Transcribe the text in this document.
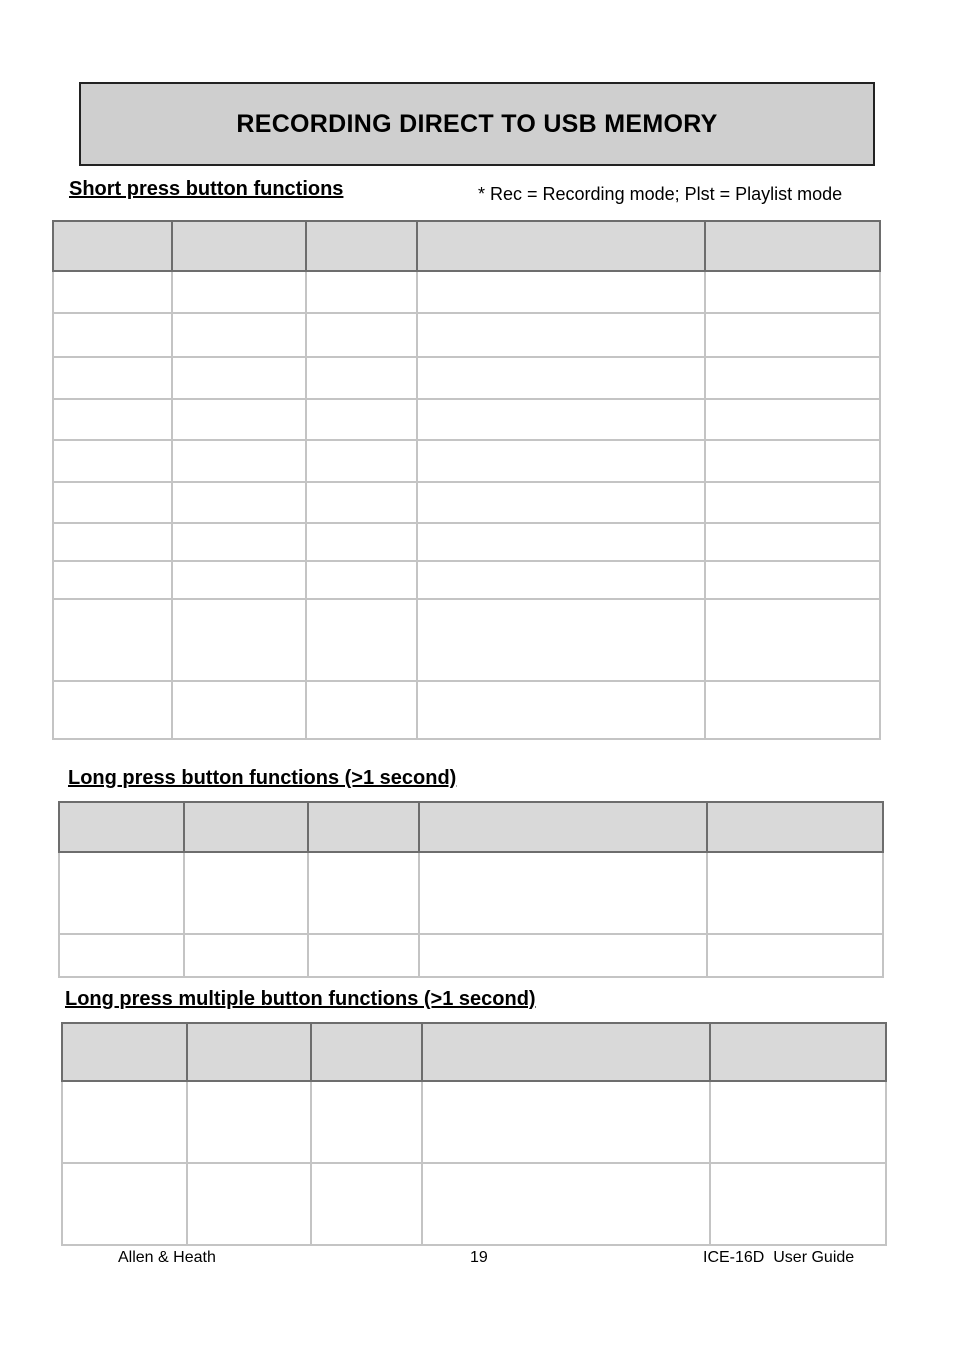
RECORDING DIRECT TO USB MEMORY
Short press button functions	* Rec = Recording mode; Plst = Playlist mode

Long press button functions (>1 second)

Long press multiple button functions (>1 second)

Allen & Heath	19	ICE-16D  User Guide
